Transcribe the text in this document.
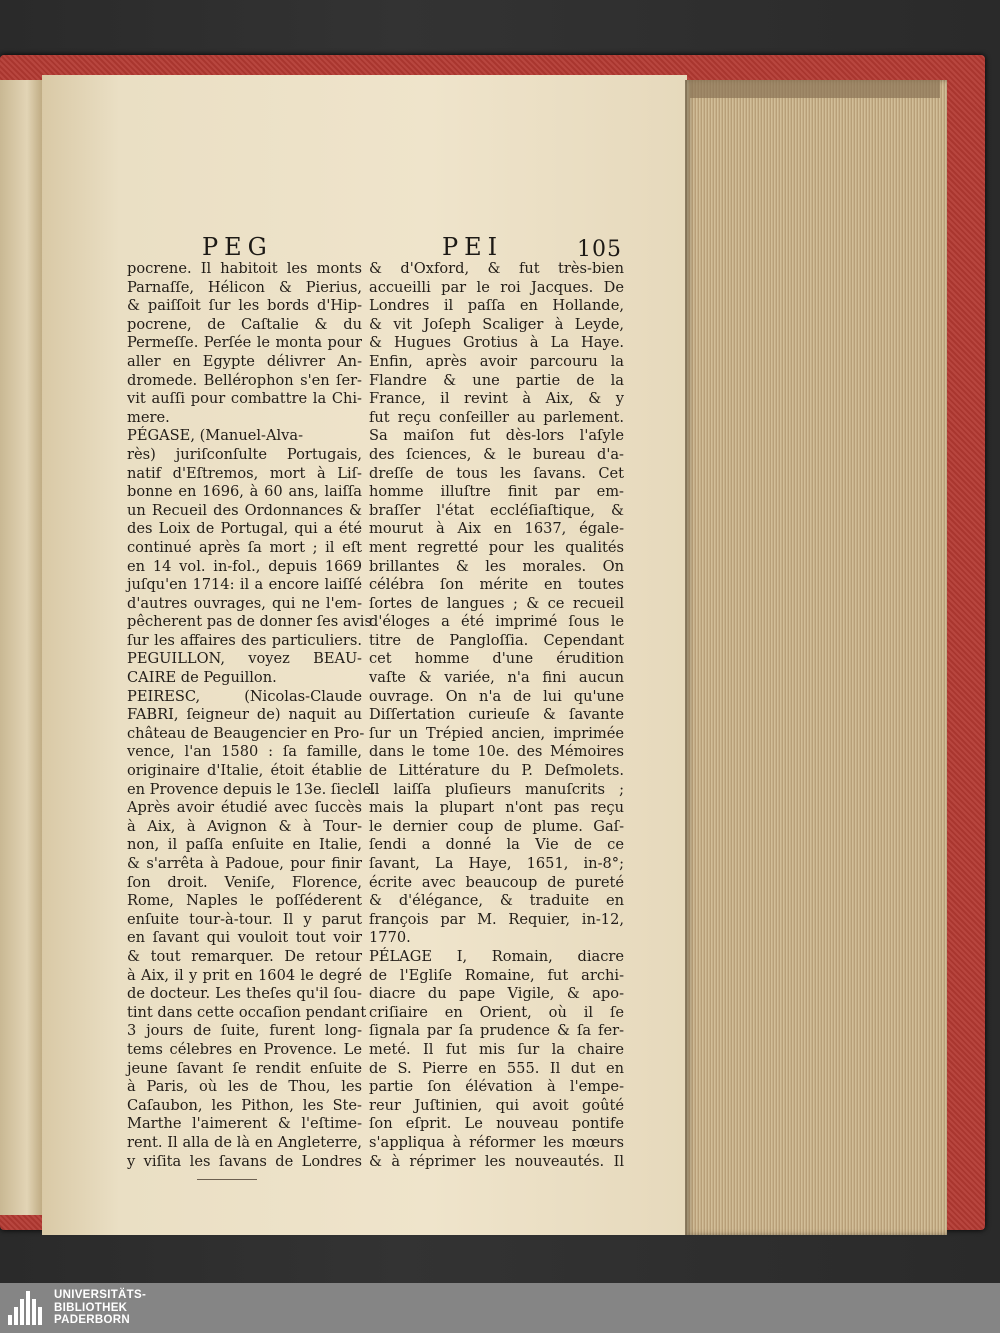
PEG	PEI	105
pocrene. Il habitoit les monts
Parnaſſe, Hélicon & Pierius,
& paiſſoit ſur les bords d'Hip-
pocrene, de Caſtalie & du
Permeſſe. Perſée le monta pour
aller en Egypte délivrer An-
dromede. Bellérophon s'en ſer-
vit auſſi pour combattre la Chi-
mere.
PÉGASE, (Manuel-Alva-
rès) juriſconſulte Portugais,
natif d'Eſtremos, mort à Liſ-
bonne en 1696, à 60 ans, laiſſa
un Recueil des Ordonnances &
des Loix de Portugal, qui a été
continué après ſa mort ; il eſt
en 14 vol. in-fol., depuis 1669
juſqu'en 1714: il a encore laiſſé
d'autres ouvrages, qui ne l'em-
pêcherent pas de donner ſes avis
ſur les affaires des particuliers.
PEGUILLON, voyez BEAU-
CAIRE de Peguillon.
PEIRESC, (Nicolas-Claude
FABRI, ſeigneur de) naquit au
château de Beaugencier en Pro-
vence, l'an 1580 : ſa famille,
originaire d'Italie, étoit établie
en Provence depuis le 13e. ſiecle.
Après avoir étudié avec ſuccès
à Aix, à Avignon & à Tour-
non, il paſſa enſuite en Italie,
& s'arrêta à Padoue, pour finir
ſon droit. Veniſe, Florence,
Rome, Naples le poſſéderent
enſuite tour-à-tour. Il y parut
en ſavant qui vouloit tout voir
& tout remarquer. De retour
à Aix, il y prit en 1604 le degré
de docteur. Les theſes qu'il ſou-
tint dans cette occaſion pendant
3 jours de ſuite, furent long-
tems célebres en Provence. Le
jeune ſavant ſe rendit enſuite
à Paris, où les de Thou, les
Caſaubon, les Pithon, les Ste-
Marthe l'aimerent & l'eſtime-
rent. Il alla de là en Angleterre,
y viſita les ſavans de Londres
& d'Oxford, & fut très-bien
accueilli par le roi Jacques. De
Londres il paſſa en Hollande,
& vit Joſeph Scaliger à Leyde,
& Hugues Grotius à La Haye.
Enfin, après avoir parcouru la
Flandre & une partie de la
France, il revint à Aix, & y
fut reçu conſeiller au parlement.
Sa maiſon fut dès-lors l'aſyle
des ſciences, & le bureau d'a-
dreſſe de tous les ſavans. Cet
homme illuſtre finit par em-
braſſer l'état eccléſiaſtique, &
mourut à Aix en 1637, égale-
ment regretté pour les qualités
brillantes & les morales. On
célébra ſon mérite en toutes
ſortes de langues ; & ce recueil
d'éloges a été imprimé ſous le
titre de Pangloſſia. Cependant
cet homme d'une érudition
vaſte & variée, n'a fini aucun
ouvrage. On n'a de lui qu'une
Diſſertation curieuſe & ſavante
ſur un Trépied ancien, imprimée
dans le tome 10e. des Mémoires
de Littérature du P. Deſmolets.
Il laiſſa pluſieurs manuſcrits ;
mais la plupart n'ont pas reçu
le dernier coup de plume. Gaſ-
ſendi a donné la Vie de ce
ſavant, La Haye, 1651, in-8°;
écrite avec beaucoup de pureté
& d'élégance, & traduite en
françois par M. Requier, in-12,
1770.
PÉLAGE I, Romain, diacre
de l'Egliſe Romaine, fut archi-
diacre du pape Vigile, & apo-
criſiaire en Orient, où il ſe
ſignala par ſa prudence & ſa fer-
meté. Il fut mis ſur la chaire
de S. Pierre en 555. Il dut en
partie ſon élévation à l'empe-
reur Juſtinien, qui avoit goûté
ſon eſprit. Le nouveau pontife
s'appliqua à réformer les mœurs
& à réprimer les nouveautés. Il
UNIVERSITÄTS-
BIBLIOTHEK
PADERBORN
